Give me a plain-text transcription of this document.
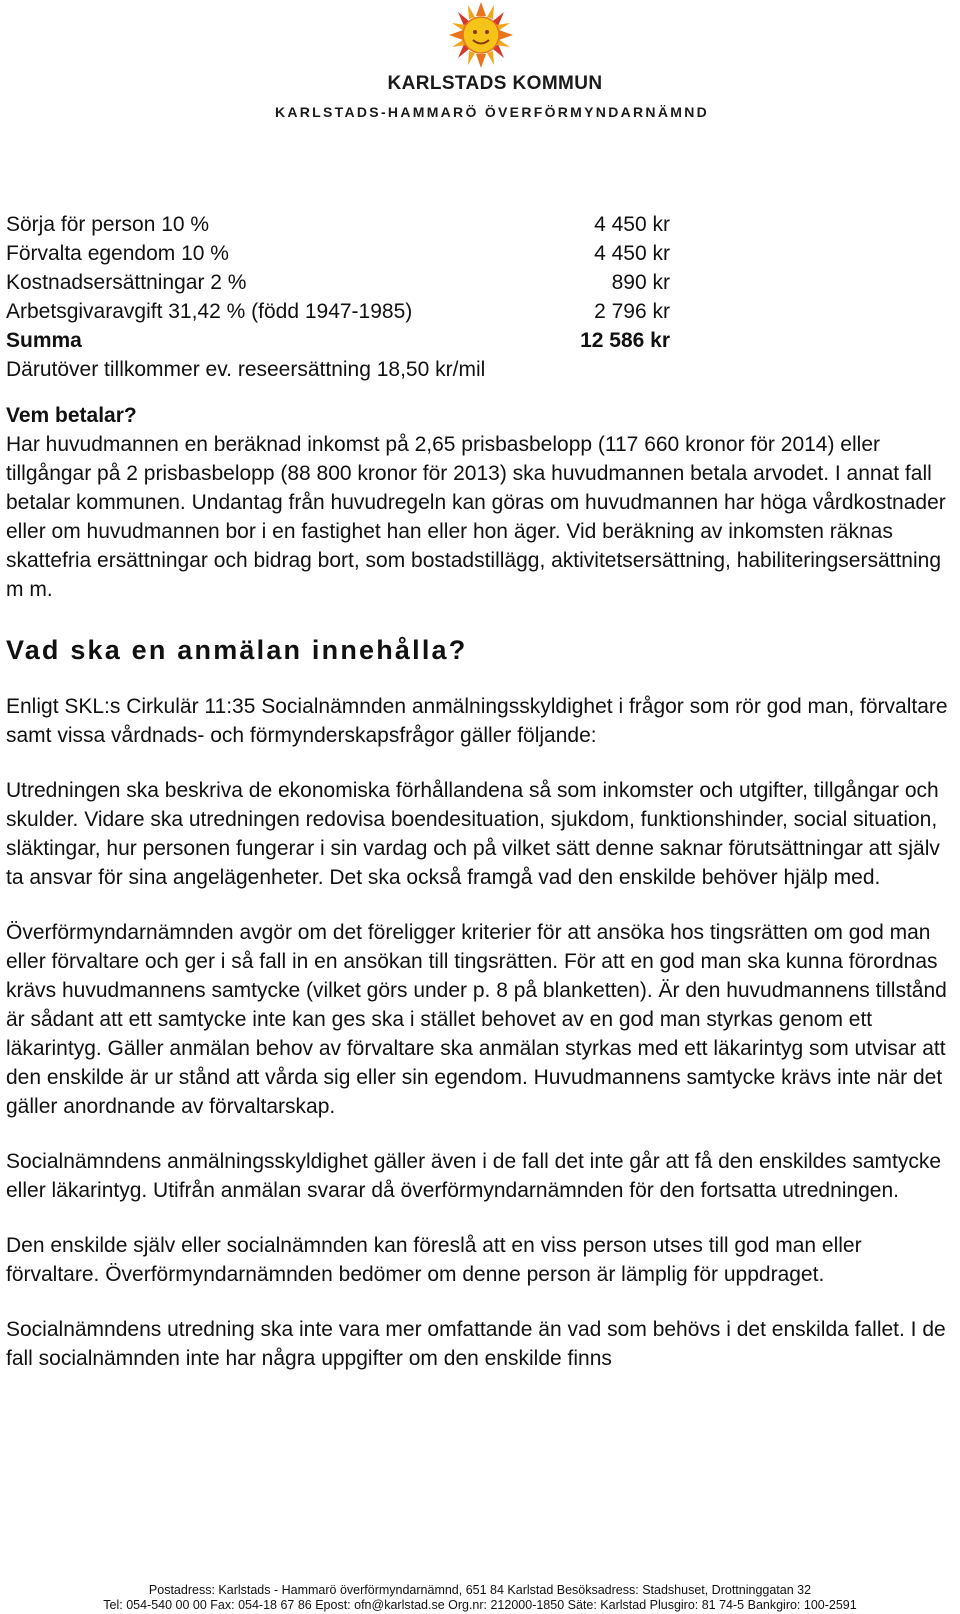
KARLSTADS KOMMUN
KARLSTADS-HAMMARÖ ÖVERFÖRMYNDARNÄMND
Sörja för person 10 %	4 450 kr
Förvalta egendom 10 %	4 450 kr
Kostnadsersättningar 2 %	890 kr
Arbetsgivaravgift 31,42 % (född 1947-1985)	2 796 kr
Summa	12 586 kr
Därutöver tillkommer ev. reseersättning 18,50 kr/mil
Vem betalar?

Har huvudmannen en beräknad inkomst på 2,65 prisbasbelopp (117 660 kronor för 2014) eller tillgångar på 2 prisbasbelopp (88 800 kronor för 2013) ska huvudmannen betala arvodet. I annat fall betalar kommunen. Undantag från huvudregeln kan göras om huvudmannen har höga vårdkostnader eller om huvudmannen bor i en fastighet han eller hon äger. Vid beräkning av inkomsten räknas skattefria ersättningar och bidrag bort, som bostadstillägg, aktivitetsersättning, habiliteringsersättning m m.

Vad ska en anmälan innehålla?

Enligt SKL:s Cirkulär 11:35 Socialnämnden anmälningsskyldighet i frågor som rör god man, förvaltare samt vissa vårdnads- och förmynderskapsfrågor gäller följande:

Utredningen ska beskriva de ekonomiska förhållandena så som inkomster och utgifter, tillgångar och skulder. Vidare ska utredningen redovisa boendesituation, sjukdom, funktionshinder, social situation, släktingar, hur personen fungerar i sin vardag och på vilket sätt denne saknar förutsättningar att själv ta ansvar för sina angelägenheter. Det ska också framgå vad den enskilde behöver hjälp med.

Överförmyndarnämnden avgör om det föreligger kriterier för att ansöka hos tingsrätten om god man eller förvaltare och ger i så fall in en ansökan till tingsrätten. För att en god man ska kunna förordnas krävs huvudmannens samtycke (vilket görs under p. 8 på blanketten). Är den huvudmannens tillstånd är sådant att ett samtycke inte kan ges ska i stället behovet av en god man styrkas genom ett läkarintyg. Gäller anmälan behov av förvaltare ska anmälan styrkas med ett läkarintyg som utvisar att den enskilde är ur stånd att vårda sig eller sin egendom. Huvudmannens samtycke krävs inte när det gäller anordnande av förvaltarskap.

Socialnämndens anmälningsskyldighet gäller även i de fall det inte går att få den enskildes samtycke eller läkarintyg. Utifrån anmälan svarar då överförmyndarnämnden för den fortsatta utredningen.

Den enskilde själv eller socialnämnden kan föreslå att en viss person utses till god man eller förvaltare. Överförmyndarnämnden bedömer om denne person är lämplig för uppdraget.

Socialnämndens utredning ska inte vara mer omfattande än vad som behövs i det enskilda fallet. I de fall socialnämnden inte har några uppgifter om den enskilde finns

Postadress: Karlstads - Hammarö överförmyndarnämnd, 651 84 Karlstad Besöksadress: Stadshuset, Drottninggatan 32
Tel: 054-540 00 00 Fax: 054-18 67 86 Epost: ofn@karlstad.se Org.nr: 212000-1850 Säte: Karlstad Plusgiro: 81 74-5 Bankgiro: 100-2591
